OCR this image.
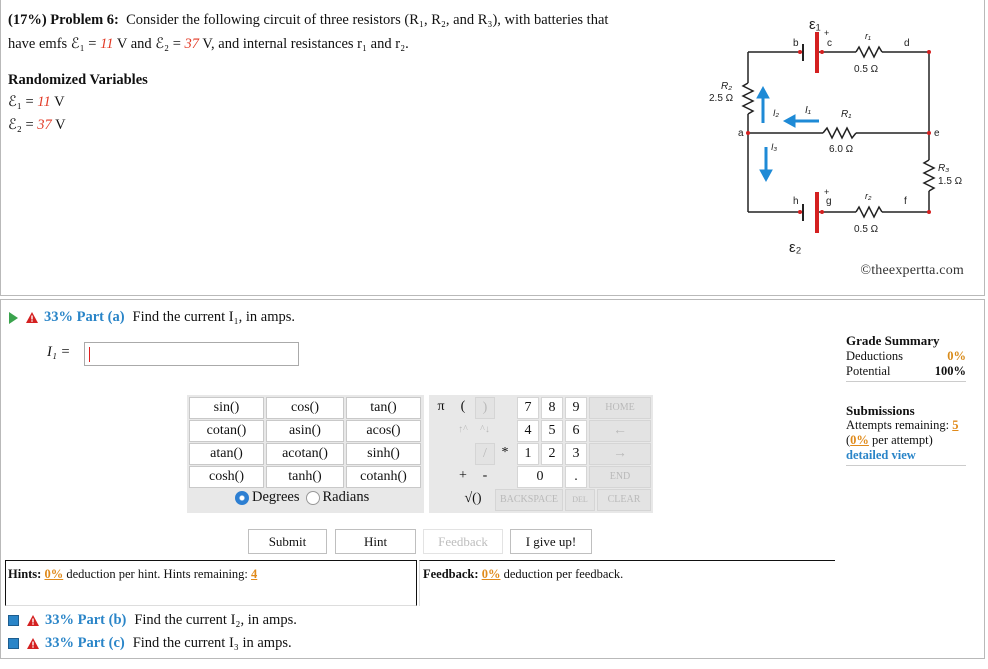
(17%) Problem 6: Consider the following circuit of three resistors (R₁, R₂, and R₃), with batteries that
have emfs ℰ₁ = 11 V and ℰ₂ = 37 V, and internal resistances r₁ and r₂.
Randomized Variables
ℰ₁ = 11 V
ℰ₂ = 37 V
ε₁ +
b	c	d
r₁
0.5 Ω
R₂
2.5 Ω
I₂	I₁	R₁
a	e
6.0 Ω
I₃
R₃
1.5 Ω
+
h	g	f
r₂
0.5 Ω
ε₂
©theexpertta.com
33% Part (a) Find the current I₁, in amps.
I₁ =
Grade Summary
Deductions	0%
Potential	100%
Submissions
Attempts remaining: 5
(0% per attempt)
detailed view
sin()	cos()	tan()
cotan()	asin()	acos()
atan()	acotan()	sinh()
cosh()	tanh()	cotanh()
Degrees Radians
π	(	)	7	8	9	HOME
↑^	^↓	4	5	6	←
/	*	1	2	3	→
+	-	0	.	END
√()	BACKSPACE	DEL	CLEAR
Submit	Hint	Feedback	I give up!
Hints: 0% deduction per hint. Hints remaining: 4	Feedback: 0% deduction per feedback.
33% Part (b) Find the current I₂, in amps.
33% Part (c) Find the current I₃ in amps.
